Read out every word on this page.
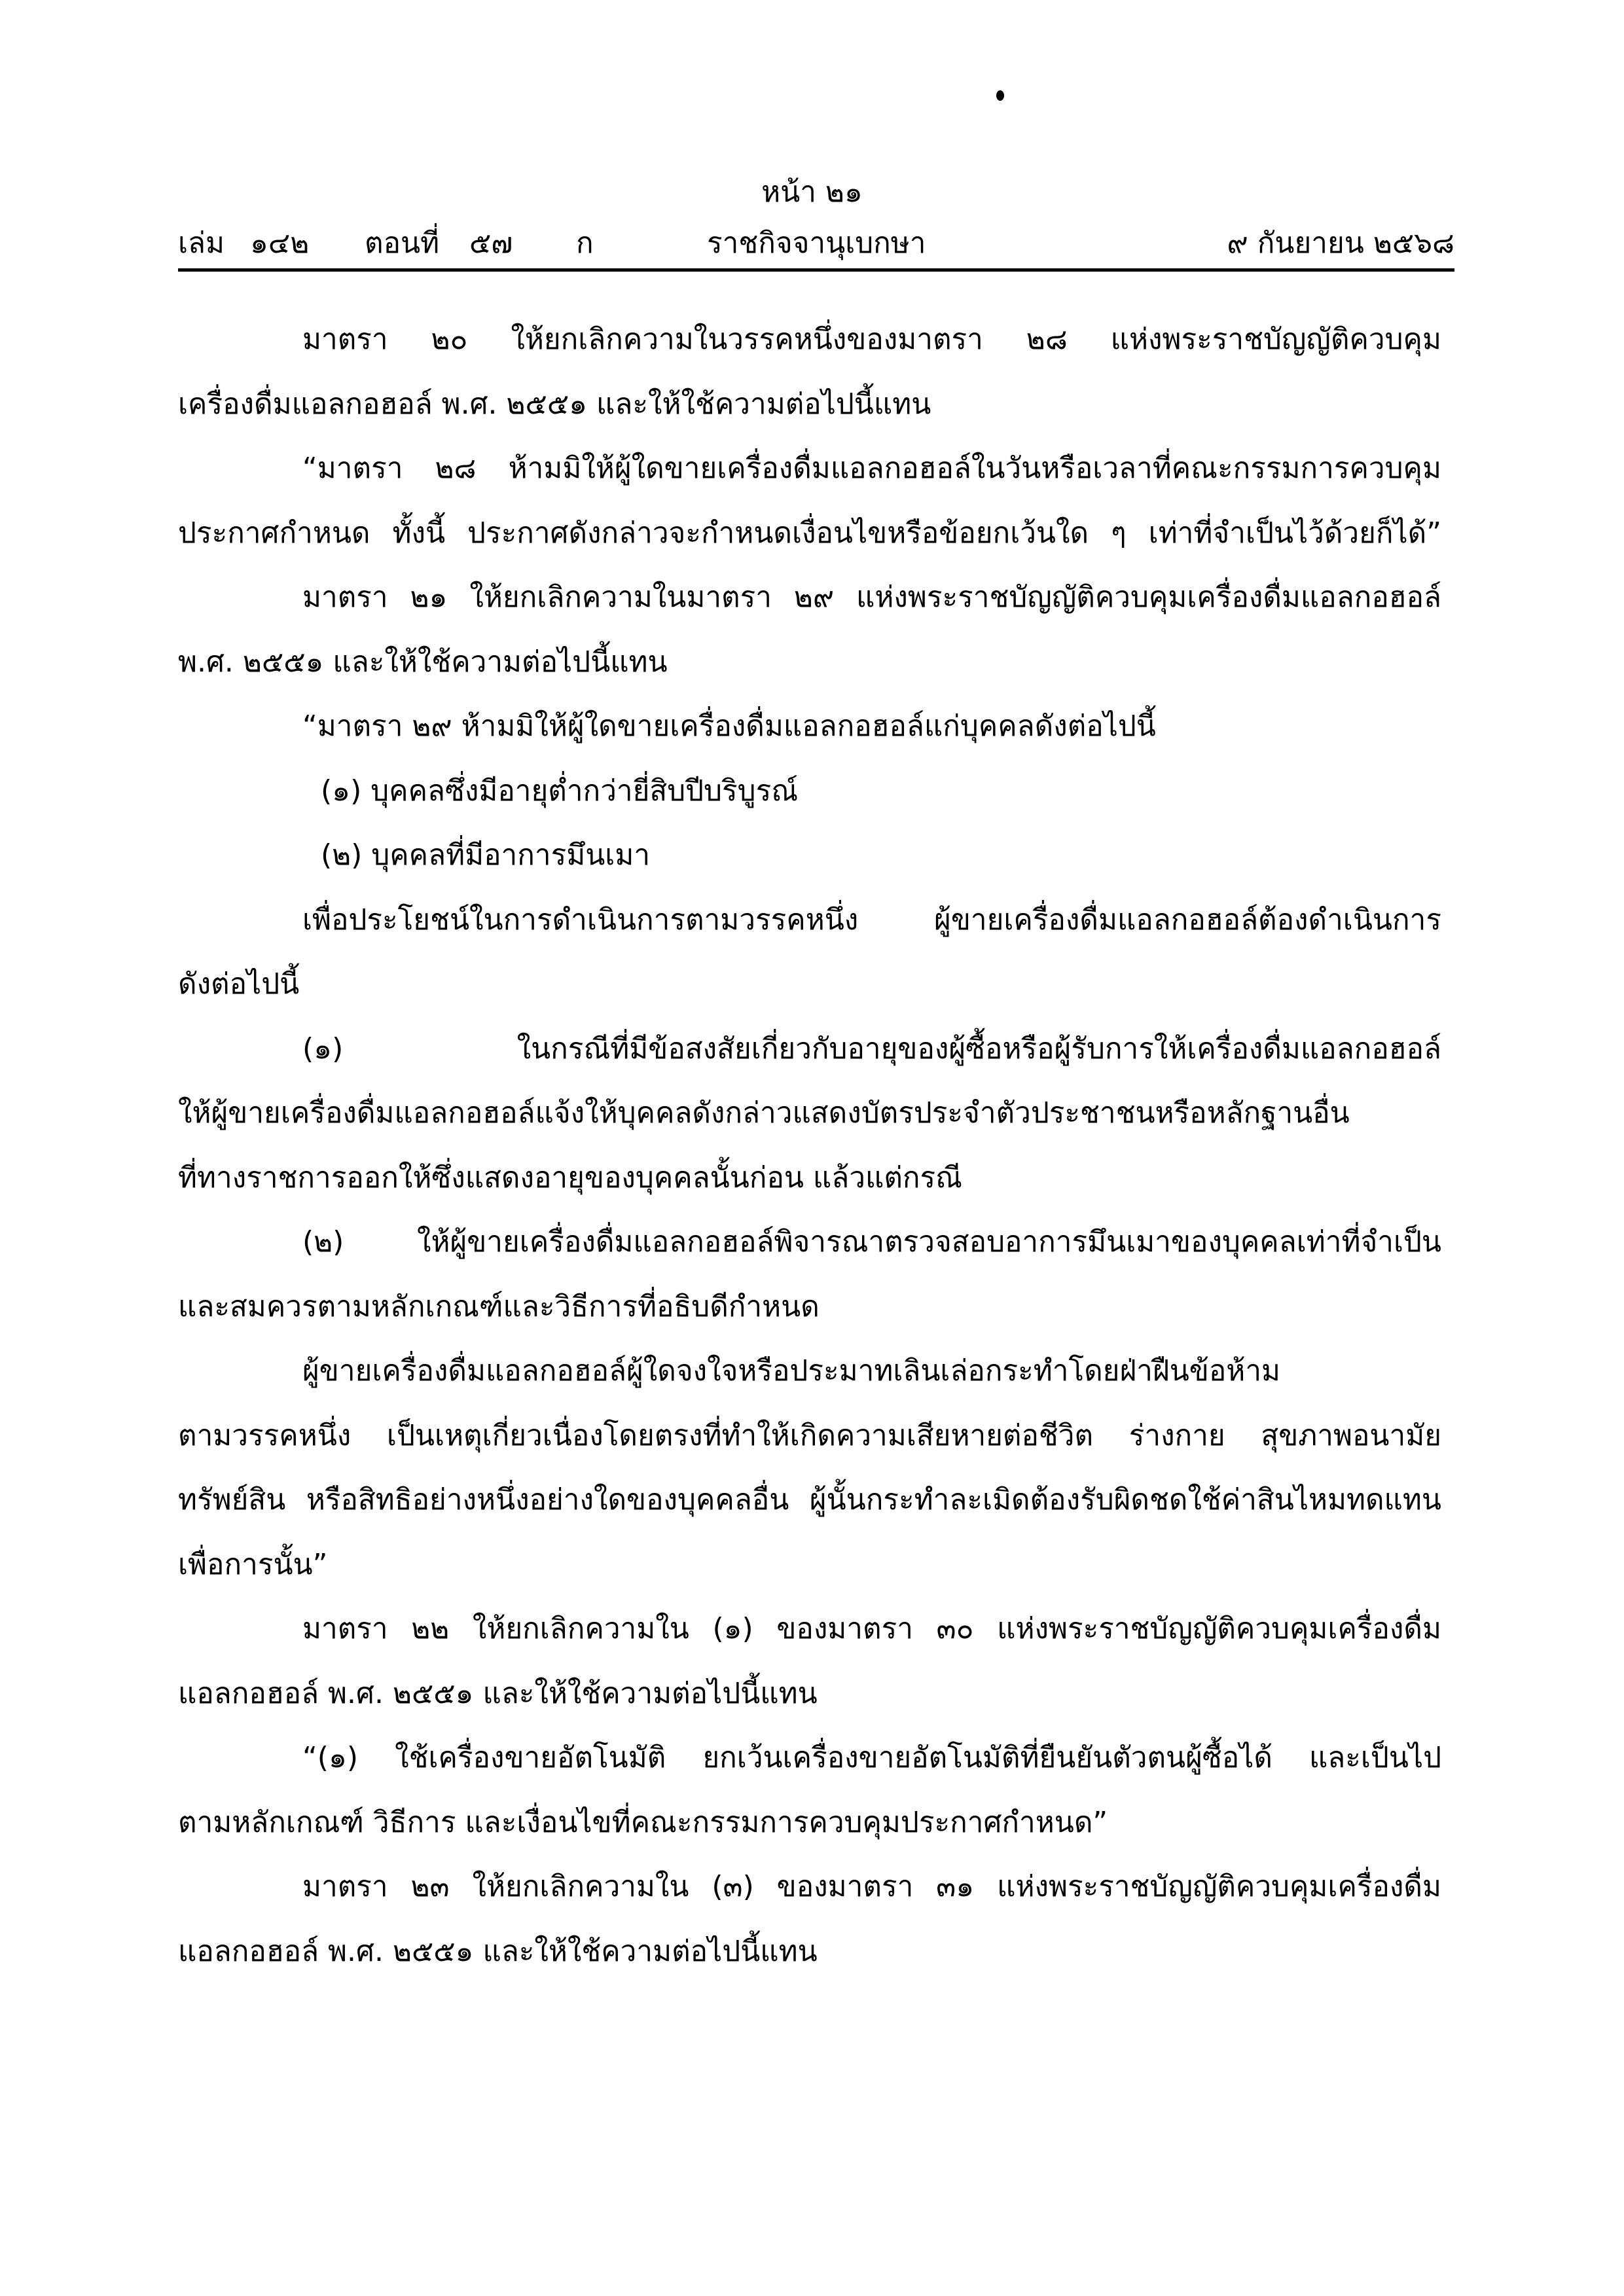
หน้า ๒๑
เล่ม ๑๔๒ ตอนที่ ๕๗ ก	ราชกิจจานุเบกษา	๙ กันยายน ๒๕๖๘

มาตรา ๒๐ ให้ยกเลิกความในวรรคหนึ่งของมาตรา ๒๘ แห่งพระราชบัญญัติควบคุม

เครื่องดื่มแอลกอฮอล์ พ.ศ. ๒๕๕๑ และให้ใช้ความต่อไปนี้แทน

“มาตรา ๒๘ ห้ามมิให้ผู้ใดขายเครื่องดื่มแอลกอฮอล์ในวันหรือเวลาที่คณะกรรมการควบคุม

ประกาศกำหนด ทั้งนี้ ประกาศดังกล่าวจะกำหนดเงื่อนไขหรือข้อยกเว้นใด ๆ เท่าที่จำเป็นไว้ด้วยก็ได้”

มาตรา ๒๑ ให้ยกเลิกความในมาตรา ๒๙ แห่งพระราชบัญญัติควบคุมเครื่องดื่มแอลกอฮอล์

พ.ศ. ๒๕๕๑ และให้ใช้ความต่อไปนี้แทน

“มาตรา ๒๙ ห้ามมิให้ผู้ใดขายเครื่องดื่มแอลกอฮอล์แก่บุคคลดังต่อไปนี้

(๑) บุคคลซึ่งมีอายุต่ำกว่ายี่สิบปีบริบูรณ์

(๒) บุคคลที่มีอาการมึนเมา

เพื่อประโยชน์ในการดำเนินการตามวรรคหนึ่ง ผู้ขายเครื่องดื่มแอลกอฮอล์ต้องดำเนินการ

ดังต่อไปนี้

(๑) ในกรณีที่มีข้อสงสัยเกี่ยวกับอายุของผู้ซื้อหรือผู้รับการให้เครื่องดื่มแอลกอฮอล์

ให้ผู้ขายเครื่องดื่มแอลกอฮอล์แจ้งให้บุคคลดังกล่าวแสดงบัตรประจำตัวประชาชนหรือหลักฐานอื่น

ที่ทางราชการออกให้ซึ่งแสดงอายุของบุคคลนั้นก่อน แล้วแต่กรณี

(๒) ให้ผู้ขายเครื่องดื่มแอลกอฮอล์พิจารณาตรวจสอบอาการมึนเมาของบุคคลเท่าที่จำเป็น

และสมควรตามหลักเกณฑ์และวิธีการที่อธิบดีกำหนด

ผู้ขายเครื่องดื่มแอลกอฮอล์ผู้ใดจงใจหรือประมาทเลินเล่อกระทำโดยฝ่าฝืนข้อห้าม

ตามวรรคหนึ่ง เป็นเหตุเกี่ยวเนื่องโดยตรงที่ทำให้เกิดความเสียหายต่อชีวิต ร่างกาย สุขภาพอนามัย

ทรัพย์สิน หรือสิทธิอย่างหนึ่งอย่างใดของบุคคลอื่น ผู้นั้นกระทำละเมิดต้องรับผิดชดใช้ค่าสินไหมทดแทน

เพื่อการนั้น”

มาตรา ๒๒ ให้ยกเลิกความใน (๑) ของมาตรา ๓๐ แห่งพระราชบัญญัติควบคุมเครื่องดื่ม

แอลกอฮอล์ พ.ศ. ๒๕๕๑ และให้ใช้ความต่อไปนี้แทน

“(๑) ใช้เครื่องขายอัตโนมัติ ยกเว้นเครื่องขายอัตโนมัติที่ยืนยันตัวตนผู้ซื้อได้ และเป็นไป

ตามหลักเกณฑ์ วิธีการ และเงื่อนไขที่คณะกรรมการควบคุมประกาศกำหนด”

มาตรา ๒๓ ให้ยกเลิกความใน (๓) ของมาตรา ๓๑ แห่งพระราชบัญญัติควบคุมเครื่องดื่ม

แอลกอฮอล์ พ.ศ. ๒๕๕๑ และให้ใช้ความต่อไปนี้แทน
